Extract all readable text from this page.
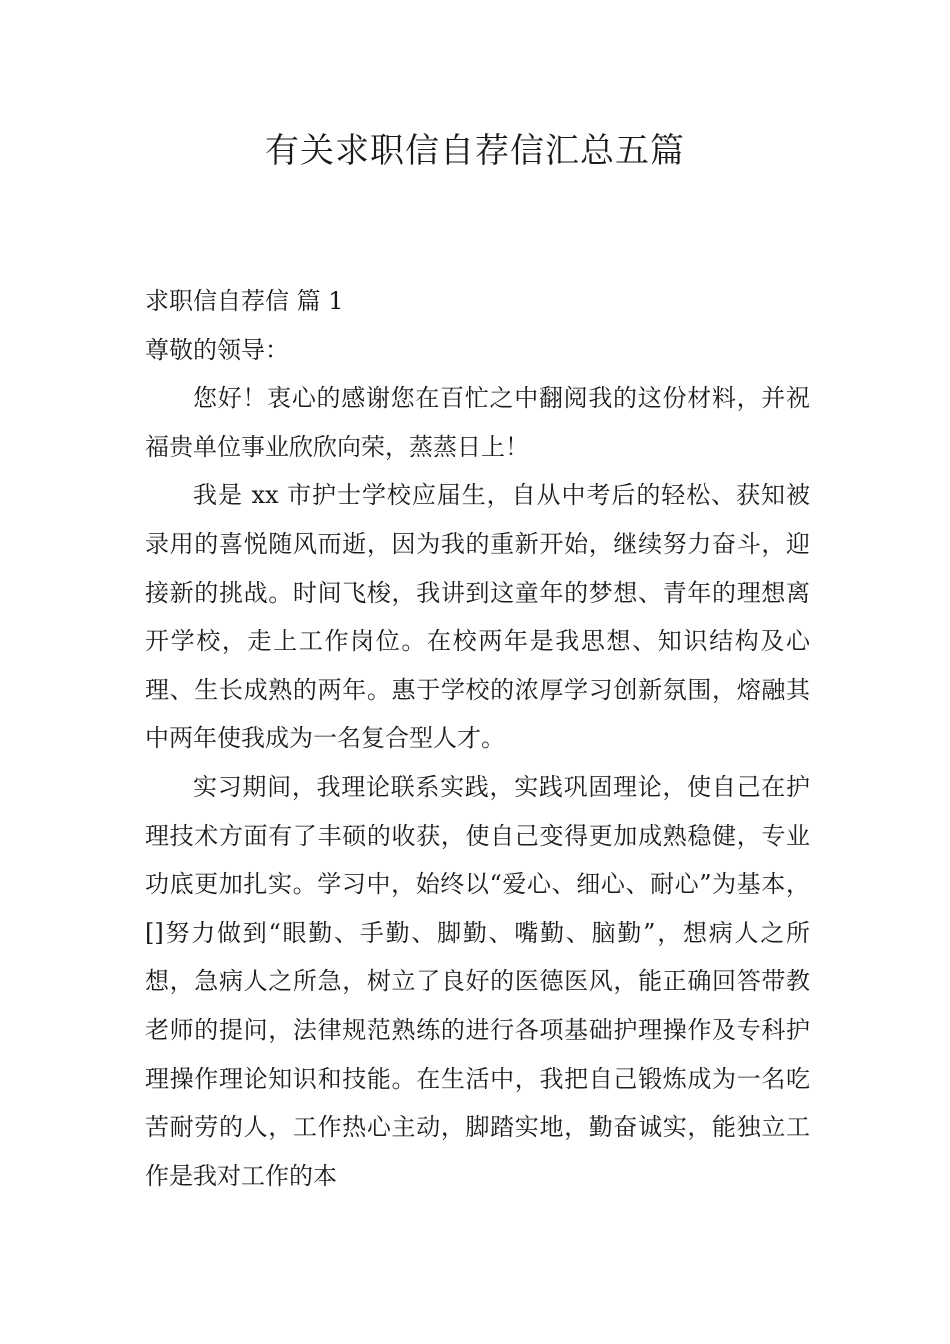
有关求职信自荐信汇总五篇

求职信自荐信 篇 1

尊敬的领导：

您好！衷心的感谢您在百忙之中翻阅我的这份材料，并祝福贵单位事业欣欣向荣，蒸蒸日上！

我是 xx 市护士学校应届生，自从中考后的轻松、获知被录用的喜悦随风而逝，因为我的重新开始，继续努力奋斗，迎接新的挑战。时间飞梭，我讲到这童年的梦想、青年的理想离开学校，走上工作岗位。在校两年是我思想、知识结构及心理、生长成熟的两年。惠于学校的浓厚学习创新氛围，熔融其中两年使我成为一名复合型人才。

实习期间，我理论联系实践，实践巩固理论，使自己在护理技术方面有了丰硕的收获，使自己变得更加成熟稳健，专业功底更加扎实。学习中，始终以“爱心、细心、耐心”为基本，[]努力做到“眼勤、手勤、脚勤、嘴勤、脑勤”，想病人之所想，急病人之所急，树立了良好的医德医风，能正确回答带教老师的提问，法律规范熟练的进行各项基础护理操作及专科护理操作理论知识和技能。在生活中，我把自己锻炼成为一名吃苦耐劳的人，工作热心主动，脚踏实地，勤奋诚实，能独立工作是我对工作的本
